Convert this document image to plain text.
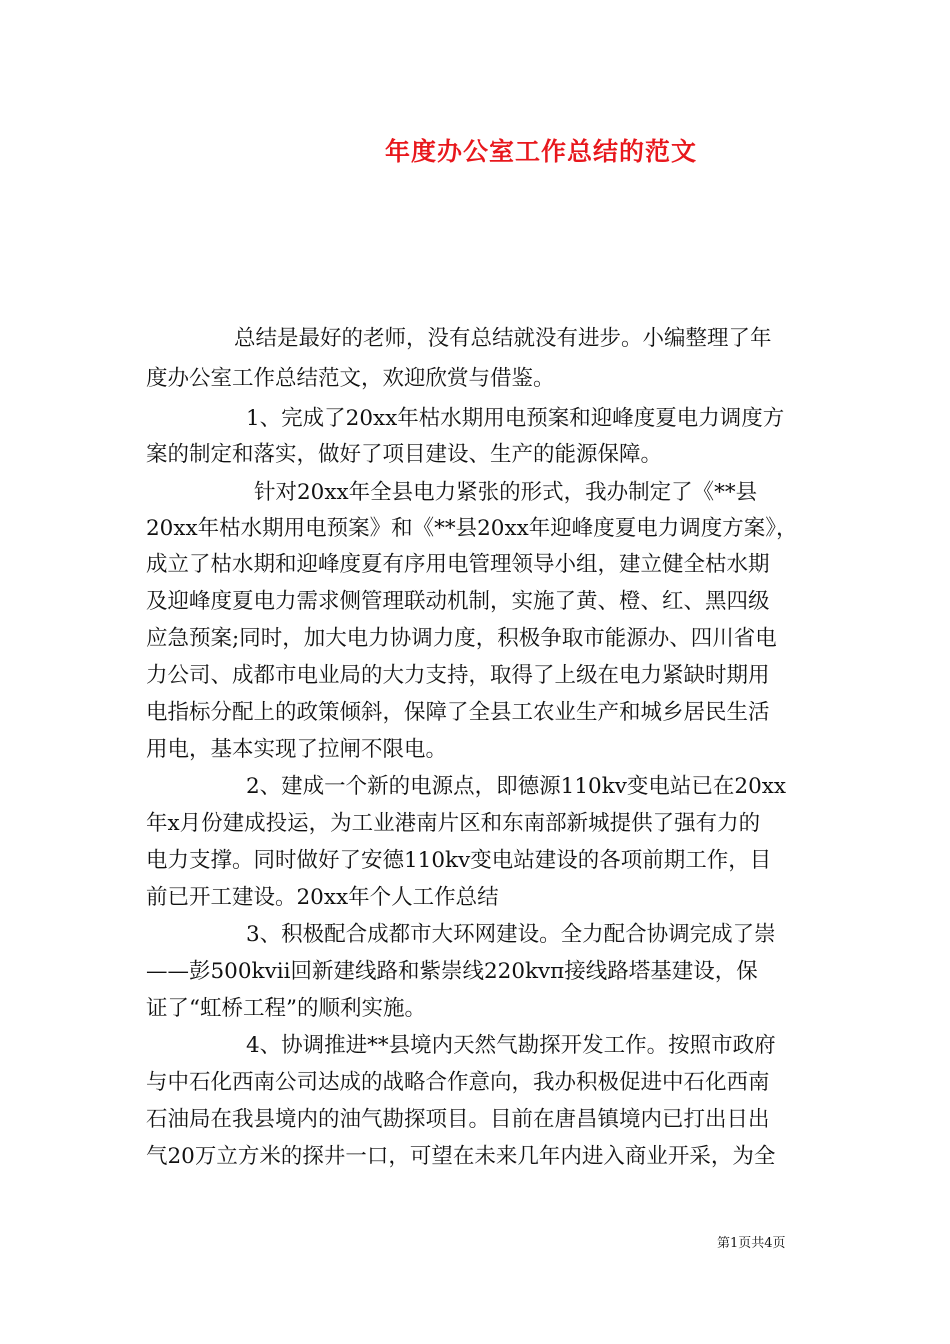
年度办公室工作总结的范文
总结是最好的老师，没有总结就没有进步。小编整理了年
度办公室工作总结范文，欢迎欣赏与借鉴。
1、完成了20xx年枯水期用电预案和迎峰度夏电力调度方
案的制定和落实，做好了项目建设、生产的能源保障。
针对20xx年全县电力紧张的形式，我办制定了《**县
20xx年枯水期用电预案》和《**县20xx年迎峰度夏电力调度方案》，
成立了枯水期和迎峰度夏有序用电管理领导小组，建立健全枯水期
及迎峰度夏电力需求侧管理联动机制，实施了黄、橙、红、黑四级
应急预案;同时，加大电力协调力度，积极争取市能源办、四川省电
力公司、成都市电业局的大力支持，取得了上级在电力紧缺时期用
电指标分配上的政策倾斜，保障了全县工农业生产和城乡居民生活
用电，基本实现了拉闸不限电。
2、建成一个新的电源点，即德源110kv变电站已在20xx
年x月份建成投运，为工业港南片区和东南部新城提供了强有力的
电力支撑。同时做好了安德110kv变电站建设的各项前期工作，目
前已开工建设。20xx年个人工作总结
3、积极配合成都市大环网建设。全力配合协调完成了崇
——彭500kvii回新建线路和紫崇线220kvπ接线路塔基建设，保
证了“虹桥工程”的顺利实施。
4、协调推进**县境内天然气勘探开发工作。按照市政府
与中石化西南公司达成的战略合作意向，我办积极促进中石化西南
石油局在我县境内的油气勘探项目。目前在唐昌镇境内已打出日出
气20万立方米的探井一口，可望在未来几年内进入商业开采，为全
第1页共4页
